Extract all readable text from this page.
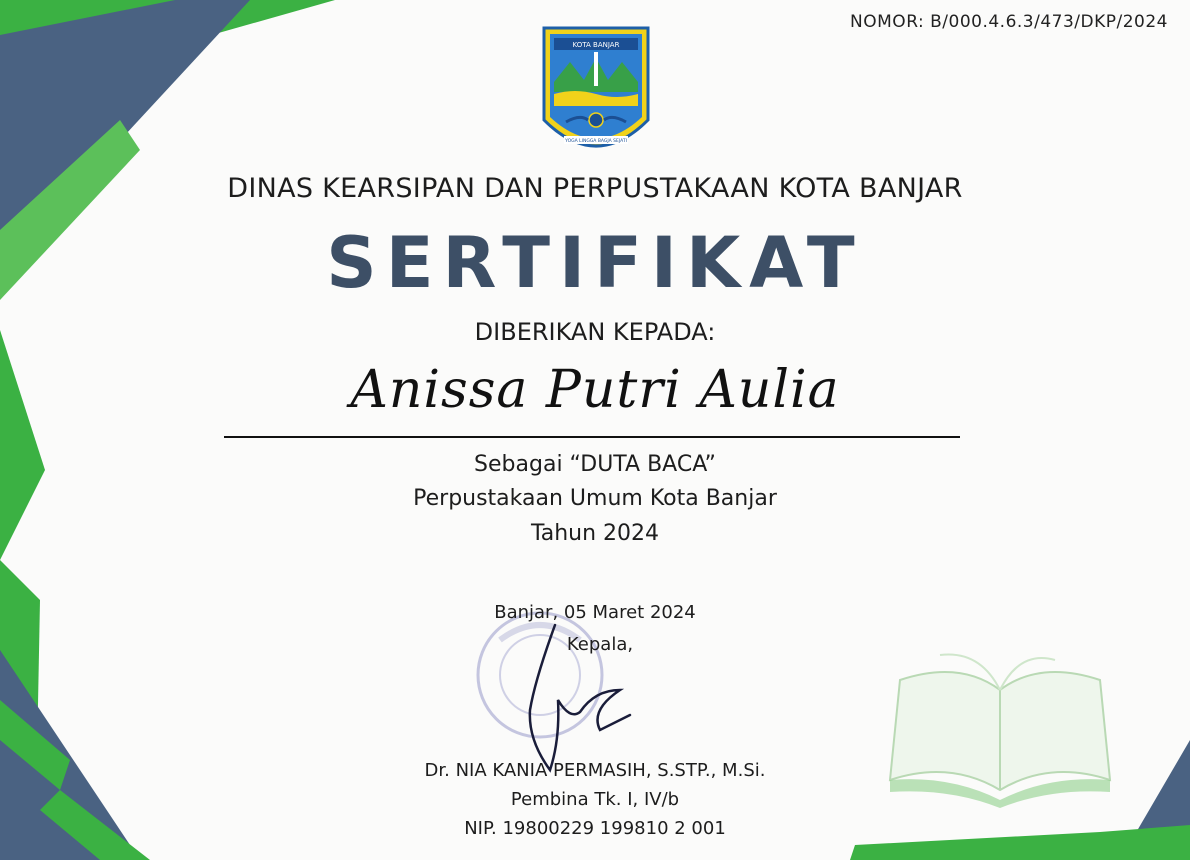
NOMOR: B/000.4.6.3/473/DKP/2024
KOTA BANJAR
YOGA LINGGA BAGJA SEJATI
DINAS KEARSIPAN DAN PERPUSTAKAAN KOTA BANJAR
SERTIFIKAT
DIBERIKAN KEPADA:
Anissa Putri Aulia
Sebagai “DUTA BACA”
Perpustakaan Umum Kota Banjar
Tahun 2024
Banjar, 05 Maret 2024
Kepala,
Dr. NIA KANIA PERMASIH, S.STP., M.Si.
Pembina Tk. I, IV/b
NIP. 19800229 199810 2 001
